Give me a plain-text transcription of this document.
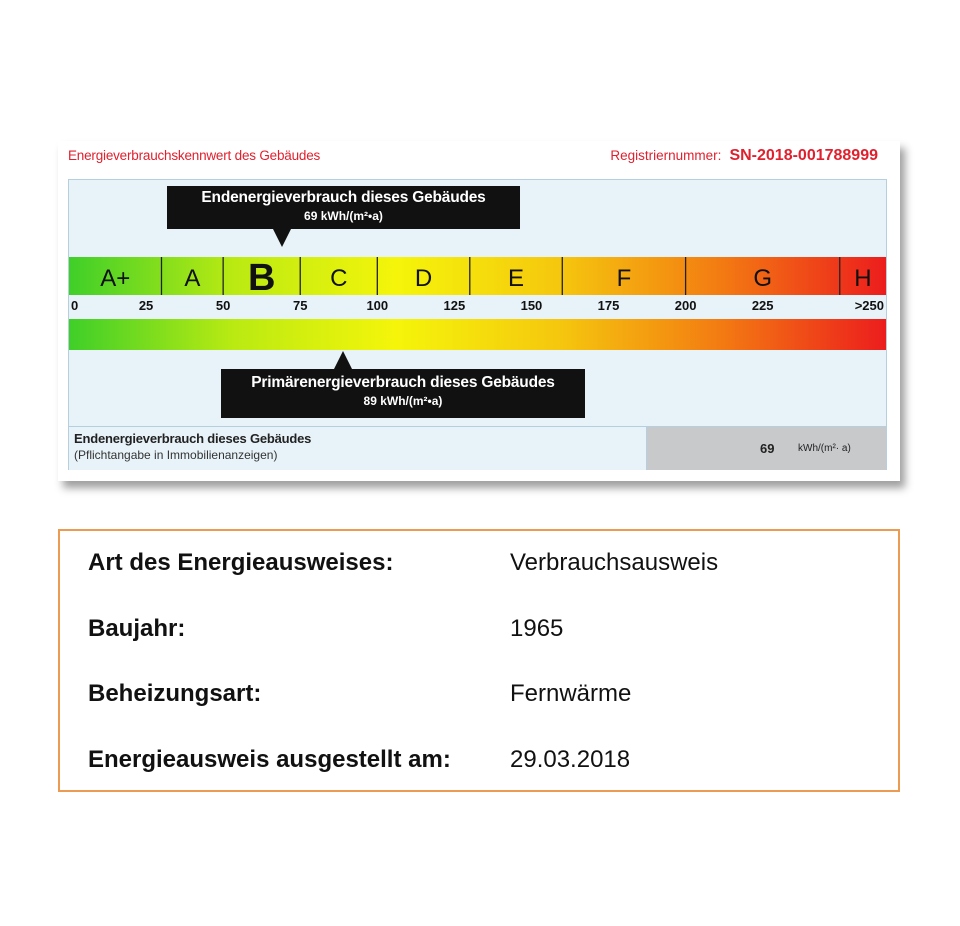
Energieverbrauchskennwert des Gebäudes	Registriernummer: SN-2018-001788999
A+ A B C	D	E	F	G	H
0	25	50	75	100	125	150	175	200	225	>250
Endenergieverbrauch dieses Gebäudes
69 kWh/(m²•a)
Primärenergieverbrauch dieses Gebäudes
89 kWh/(m²•a)
Endenergieverbrauch dieses Gebäudes
(Pflichtangabe in Immobilienanzeigen)	69 kWh/(m²· a)
Art des Energieausweises:	Verbrauchsausweis
Baujahr:	1965
Beheizungsart:	Fernwärme
Energieausweis ausgestellt am: 29.03.2018
